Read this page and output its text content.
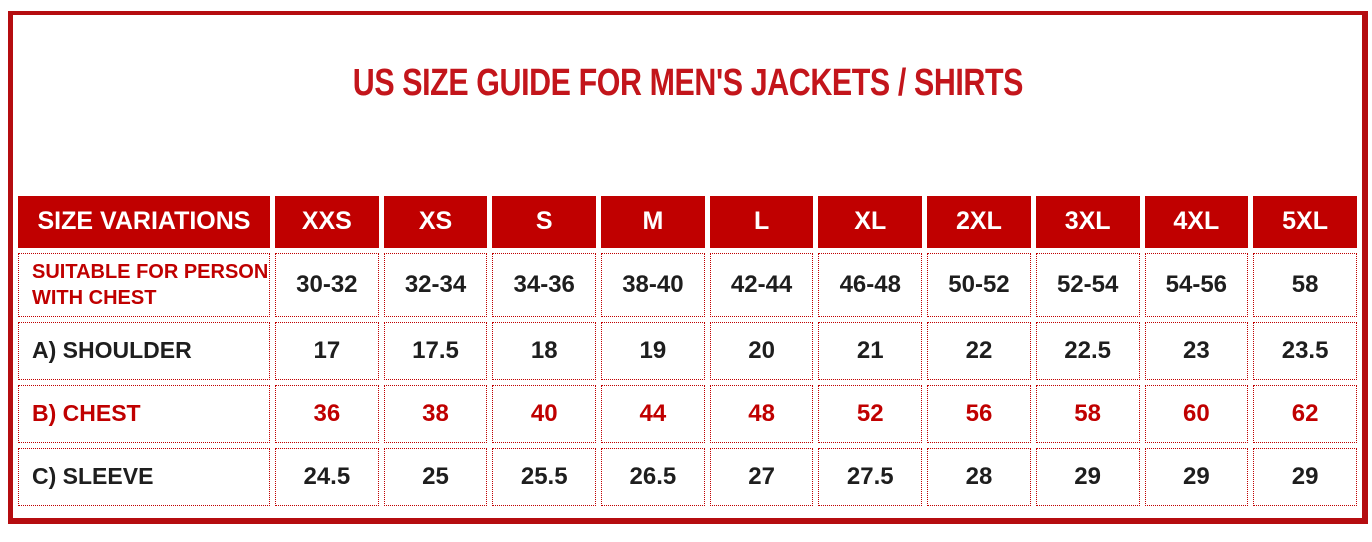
US SIZE GUIDE FOR MEN'S JACKETS / SHIRTS
SIZE VARIATIONS	XXS	XS	S	M	L	XL	2XL	3XL	4XL	5XL
SUITABLE FOR PERSON
WITH CHEST	30-32	32-34	34-36	38-40	42-44	46-48	50-52	52-54	54-56	58
A) SHOULDER	17	17.5	18	19	20	21	22	22.5	23	23.5
B) CHEST	36	38	40	44	48	52	56	58	60	62
C) SLEEVE	24.5	25	25.5	26.5	27	27.5	28	29	29	29
